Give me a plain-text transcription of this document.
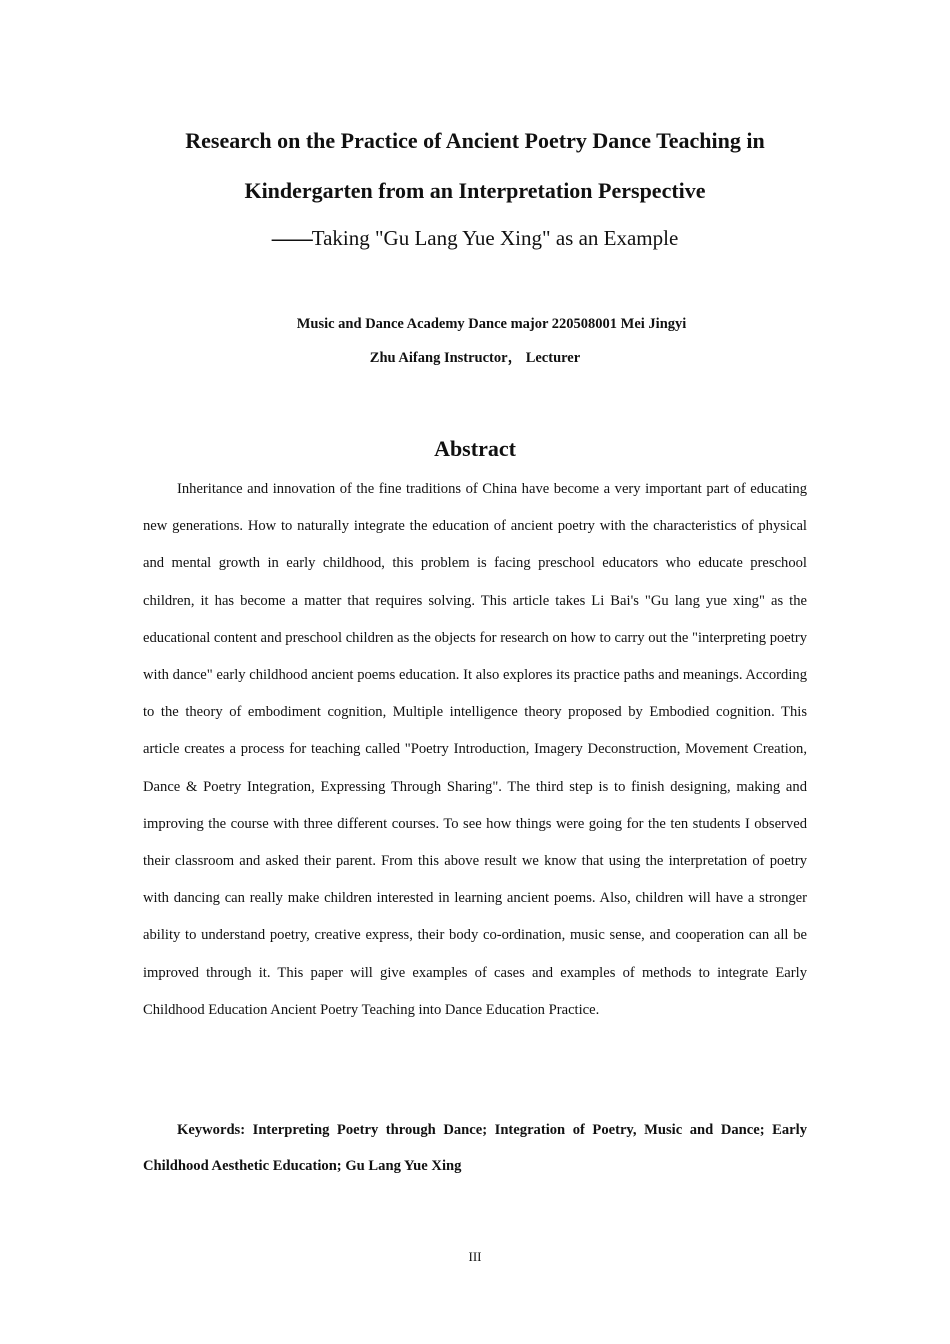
Research on the Practice of Ancient Poetry Dance Teaching in
Kindergarten from an Interpretation Perspective
——Taking "Gu Lang Yue Xing" as an Example
Music and Dance Academy Dance major 220508001 Mei Jingyi
Zhu Aifang Instructor， Lecturer
Abstract

Inheritance and innovation of the fine traditions of China have become a very important part of educating new generations. How to naturally integrate the education of ancient poetry with the characteristics of physical and mental growth in early childhood, this problem is facing preschool educators who educate preschool children, it has become a matter that requires solving. This article takes Li Bai's "Gu lang yue xing" as the educational content and preschool children as the objects for research on how to carry out the "interpreting poetry with dance" early childhood ancient poems education. It also explores its practice paths and meanings. According to the theory of embodiment cognition, Multiple intelligence theory proposed by Embodied cognition. This article creates a process for teaching called "Poetry Introduction, Imagery Deconstruction, Movement Creation, Dance & Poetry Integration, Expressing Through Sharing". The third step is to finish designing, making and improving the course with three different courses. To see how things were going for the ten students I observed their classroom and asked their parent. From this above result we know that using the interpretation of poetry with dancing can really make children interested in learning ancient poems. Also, children will have a stronger ability to understand poetry, creative express, their body co-ordination, music sense, and cooperation can all be improved through it. This paper will give examples of cases and examples of methods to integrate Early Childhood Education Ancient Poetry Teaching into Dance Education Practice.

Keywords: Interpreting Poetry through Dance; Integration of Poetry, Music and Dance; Early Childhood Aesthetic Education; Gu Lang Yue Xing

III
